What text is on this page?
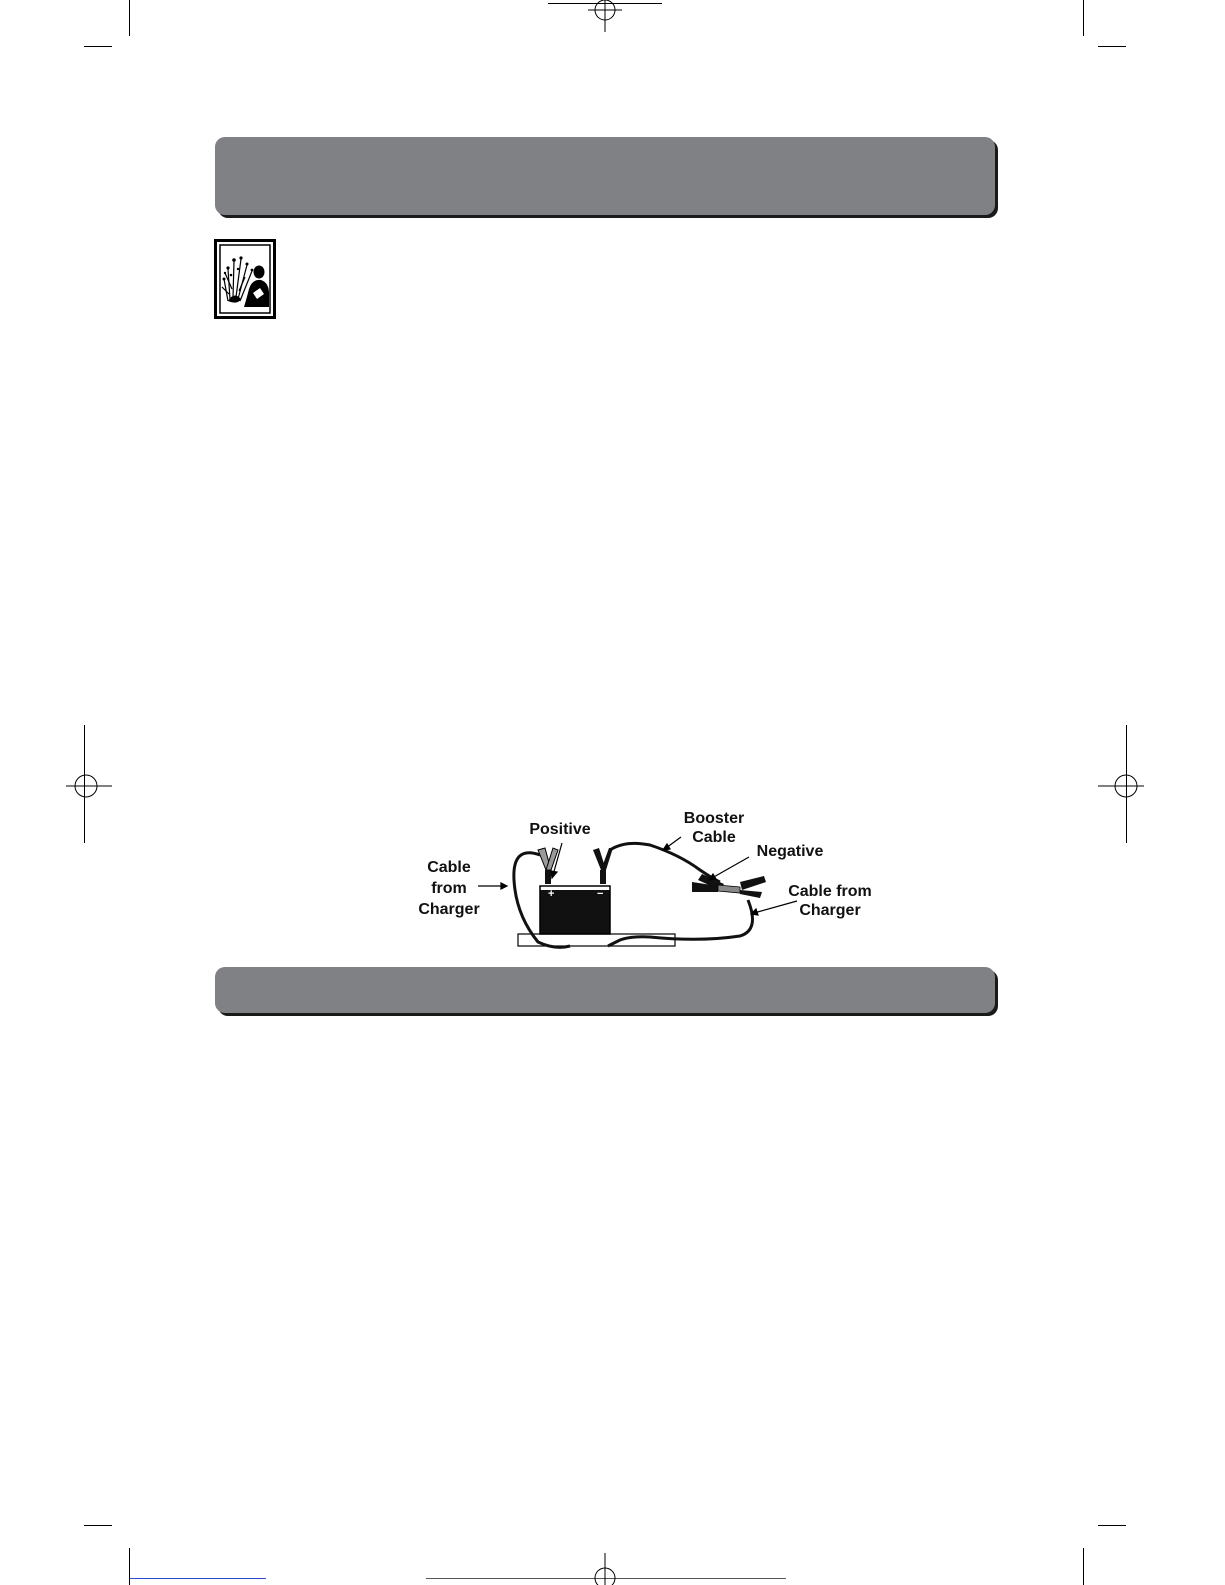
+	−
Positive
Booster
Cable
Negative
Cable
from
Charger
Cable from
Charger
